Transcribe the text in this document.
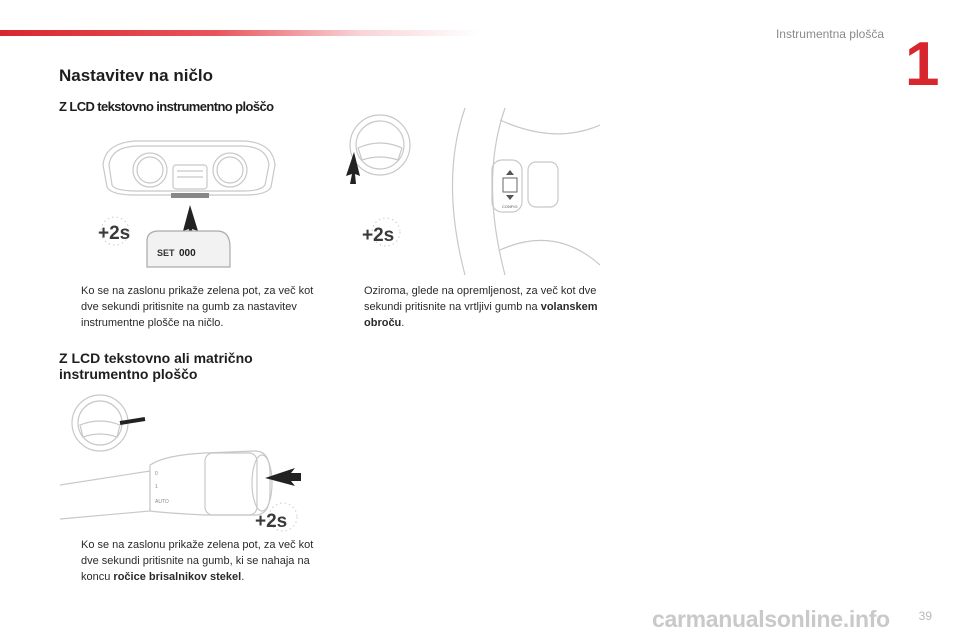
Instrumentna plošča 1
Nastavitev na ničlo
Z LCD tekstovno instrumentno ploščo
Z LCD tekstovno ali matrično instrumentno ploščo
SET 000
+2s
CONFIG
+2s
0
1
AUTO
+2s
Ko se na zaslonu prikaže zelena pot, za več kot dve sekundi pritisnite na gumb za nastavitev instrumentne plošče na ničlo.
Oziroma, glede na opremljenost, za več kot dve sekundi pritisnite na vrtljivi gumb na volanskem obroču.
Ko se na zaslonu prikaže zelena pot, za več kot dve sekundi pritisnite na gumb, ki se nahaja na koncu ročice brisalnikov stekel.
carmanualsonline.info 39
